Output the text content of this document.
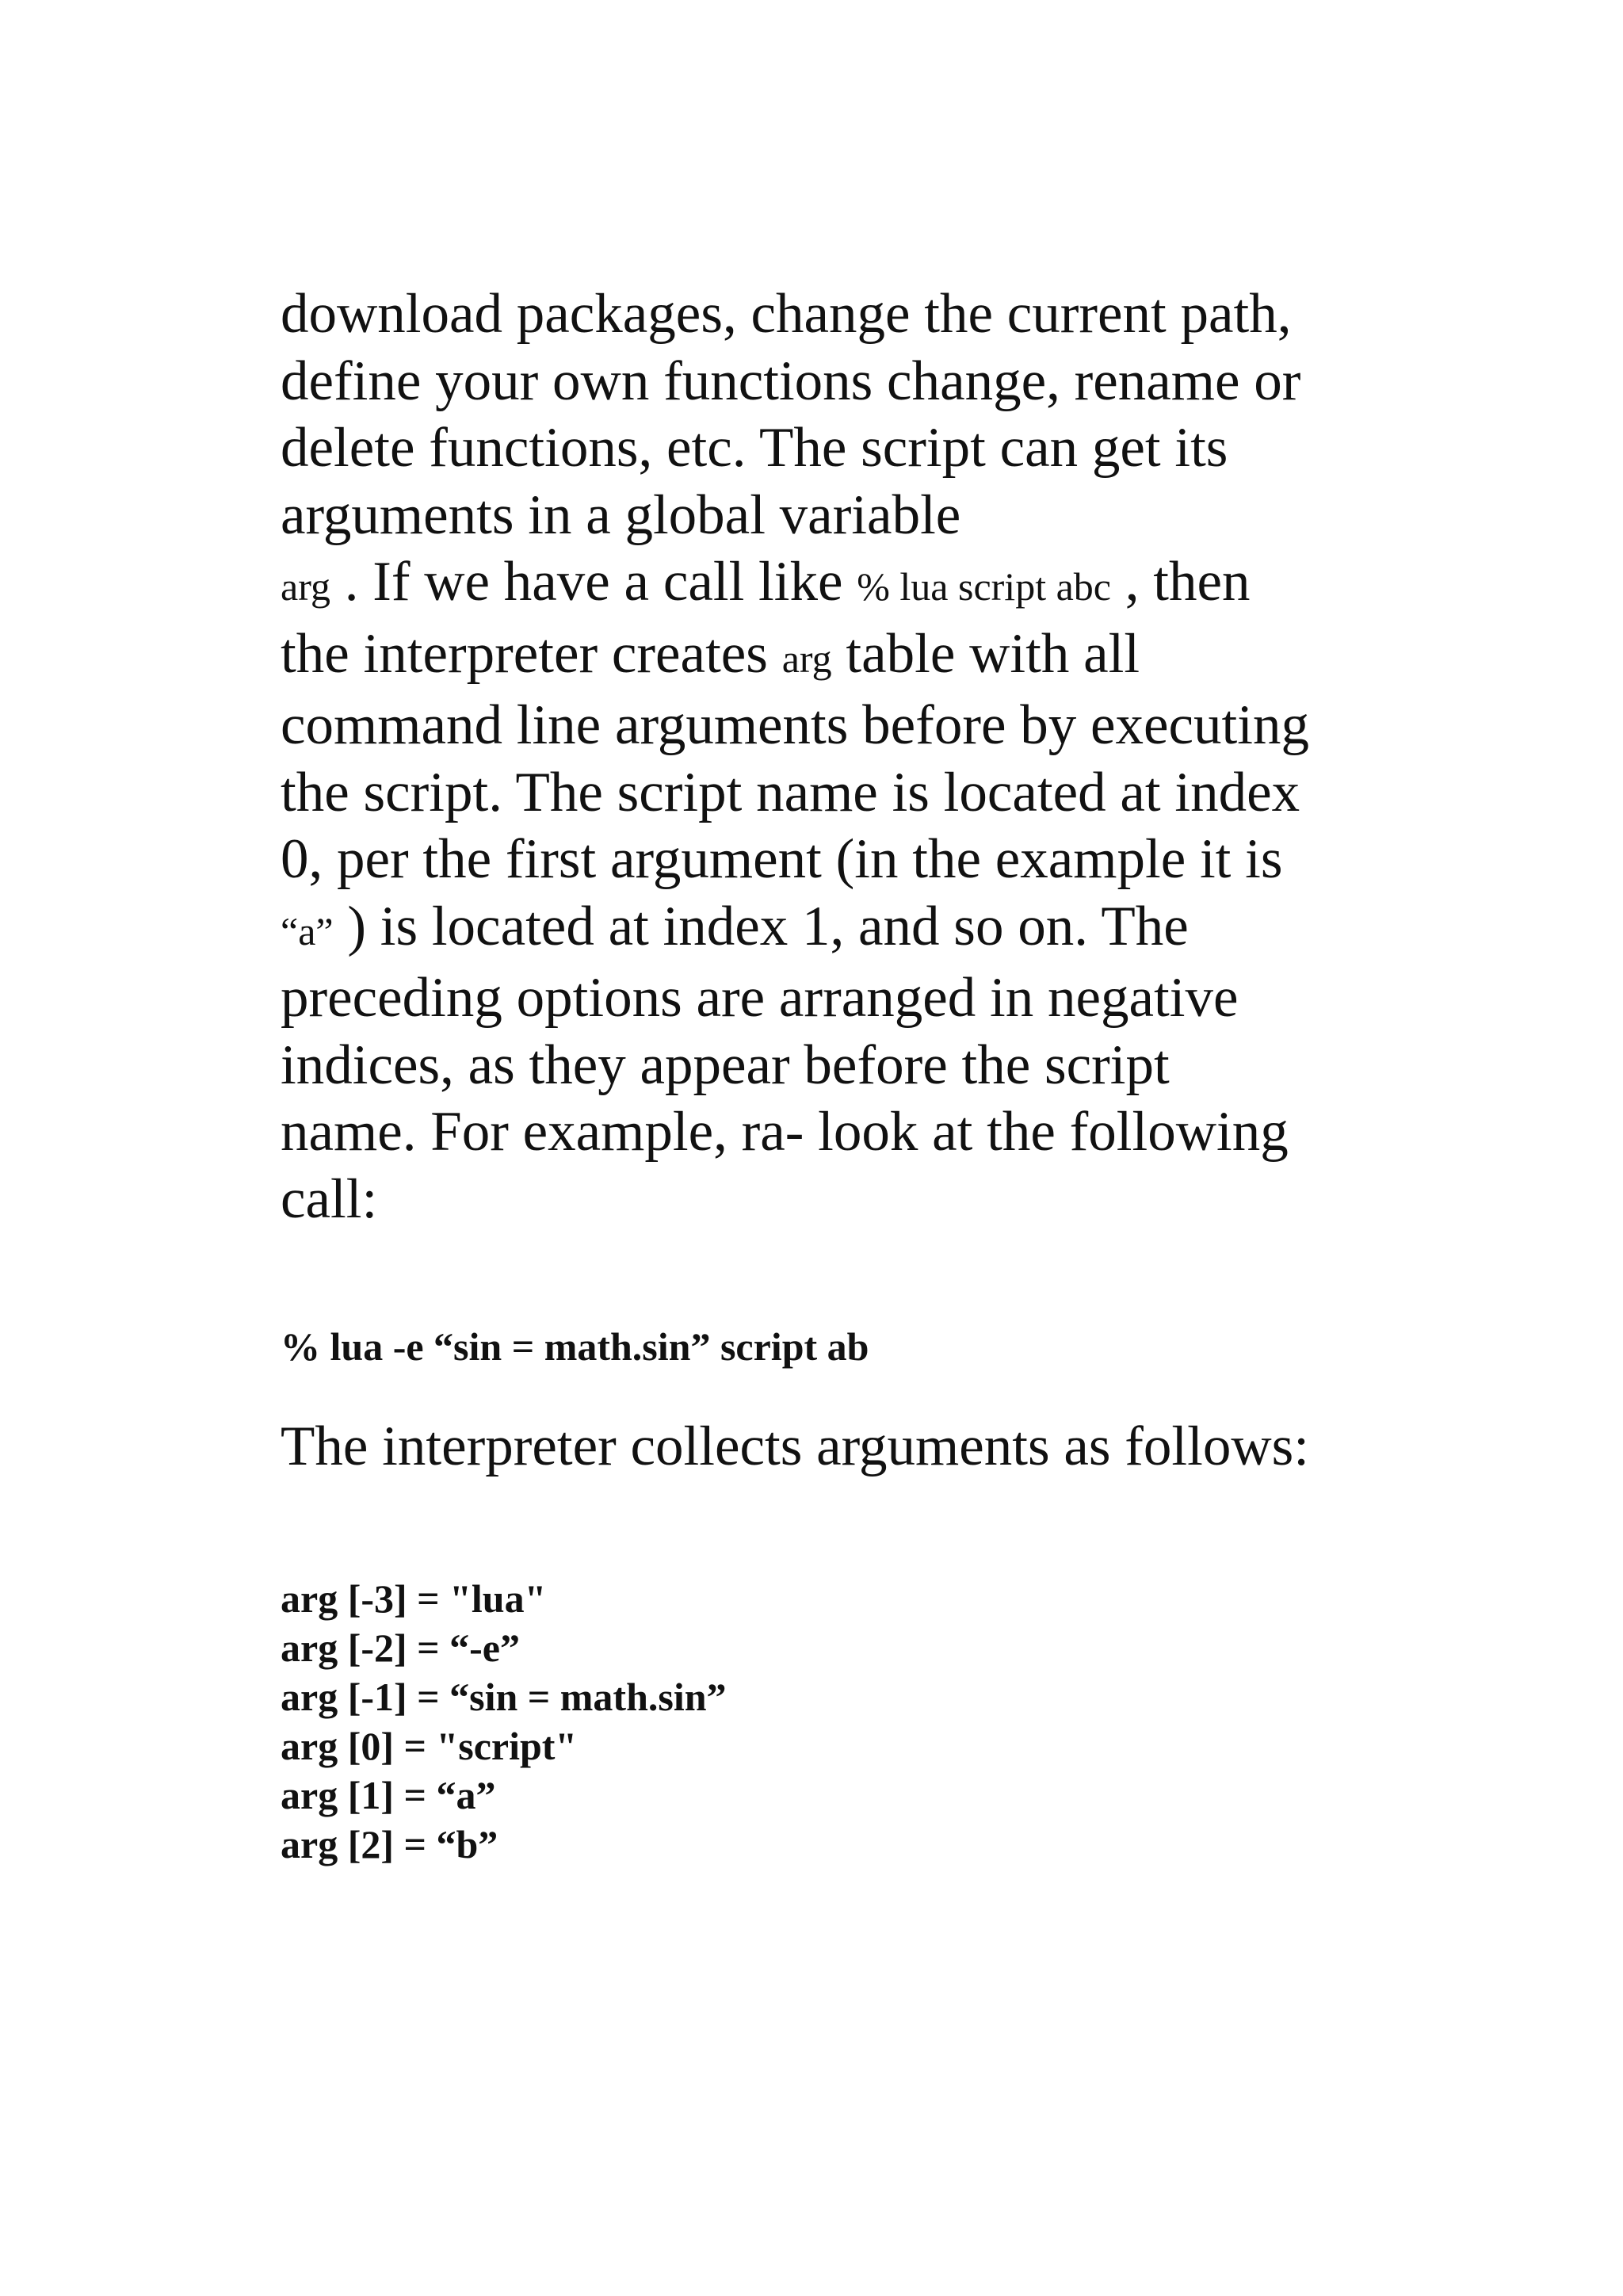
download packages, change the current path,
define your own functions change, rename or
delete functions, etc. The script can get its
arguments in a global variable
arg . If we have a call like % lua script abc , then
the interpreter creates arg table with all
command line arguments before by executing
the script. The script name is located at index
0, per the first argument (in the example it is
“a” ) is located at index 1, and so on. The
preceding options are arranged in negative
indices, as they appear before the script
name. For example, ra- look at the following
call:

% lua -e “sin = math.sin” script ab

The interpreter collects arguments as follows:

arg [-3] = "lua"
arg [-2] = “-e”
arg [-1] = “sin = math.sin”
arg [0] = "script"
arg [1] = “a”
arg [2] = “b”
